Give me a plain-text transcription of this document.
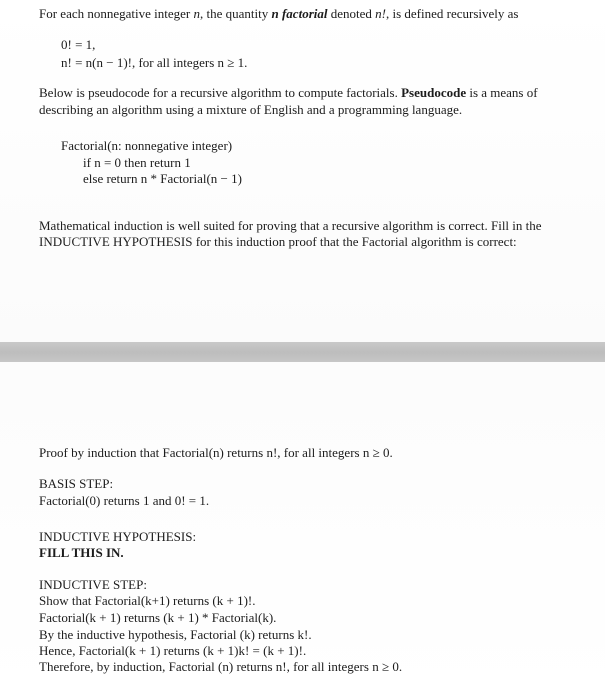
For each nonnegative integer n, the quantity n factorial denoted n!, is defined recursively as
0! = 1,
n! = n(n − 1)!, for all integers n ≥ 1.
Below is pseudocode for a recursive algorithm to compute factorials. Pseudocode is a means of
describing an algorithm using a mixture of English and a programming language.
Factorial(n: nonnegative integer)
if n = 0 then return 1
else return n * Factorial(n − 1)
Mathematical induction is well suited for proving that a recursive algorithm is correct. Fill in the
INDUCTIVE HYPOTHESIS for this induction proof that the Factorial algorithm is correct:
Proof by induction that Factorial(n) returns n!, for all integers n ≥ 0.
BASIS STEP:
Factorial(0) returns 1 and 0! = 1.
INDUCTIVE HYPOTHESIS:
FILL THIS IN.
INDUCTIVE STEP:
Show that Factorial(k+1) returns (k + 1)!.
Factorial(k + 1) returns (k + 1) * Factorial(k).
By the inductive hypothesis, Factorial (k) returns k!.
Hence, Factorial(k + 1) returns (k + 1)k! = (k + 1)!.
Therefore, by induction, Factorial (n) returns n!, for all integers n ≥ 0.
